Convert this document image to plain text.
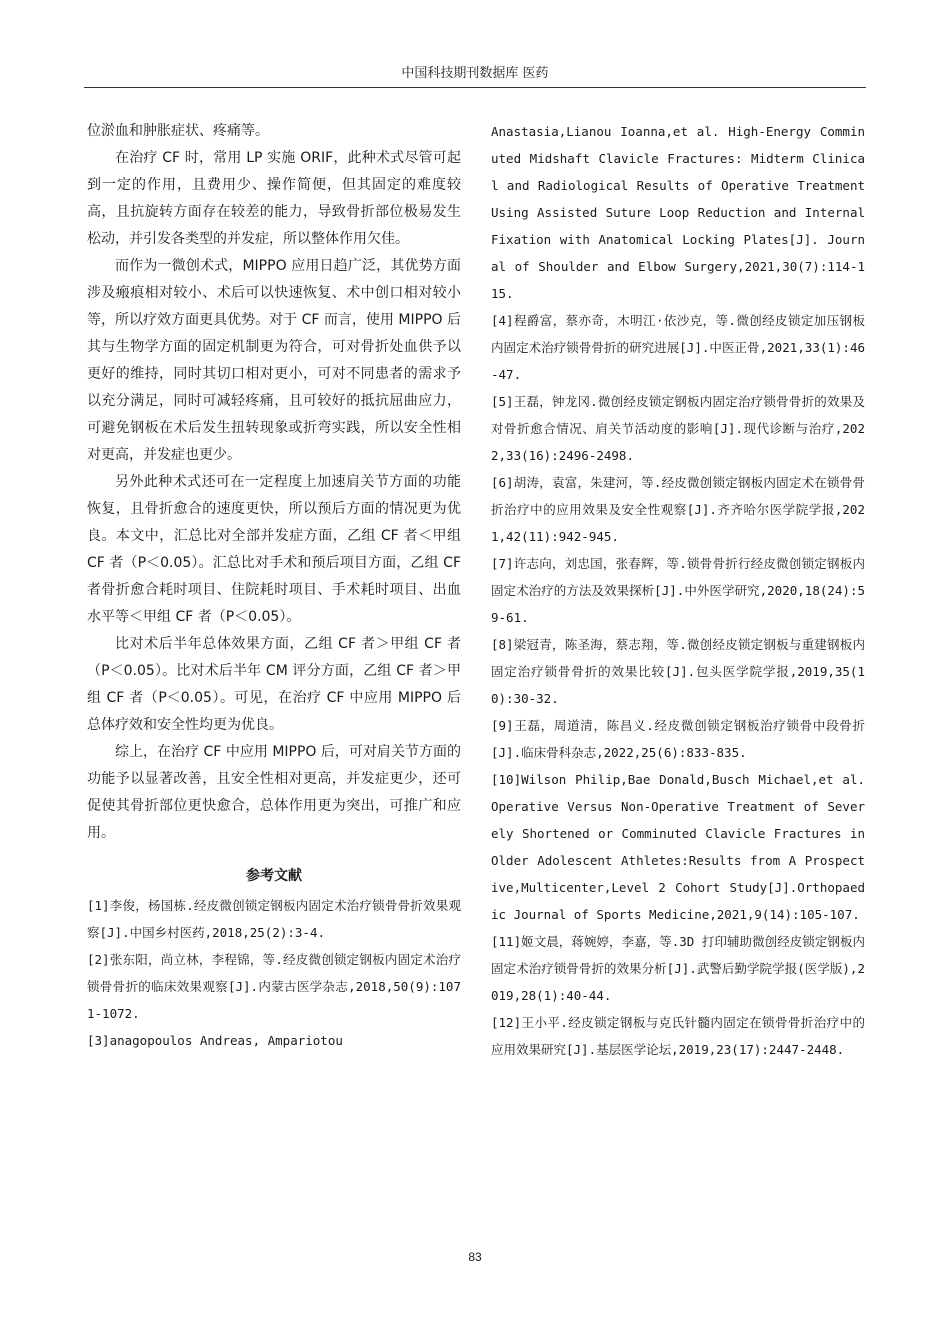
中国科技期刊数据库 医药

位淤血和肿胀症状、疼痛等。

在治疗 CF 时，常用 LP 实施 ORIF，此种术式尽管可起到一定的作用，且费用少、操作简便，但其固定的难度较高，且抗旋转方面存在较差的能力，导致骨折部位极易发生松动，并引发各类型的并发症，所以整体作用欠佳。

而作为一微创术式，MIPPO 应用日趋广泛，其优势方面涉及瘢痕相对较小、术后可以快速恢复、术中创口相对较小等，所以疗效方面更具优势。对于 CF 而言，使用 MIPPO 后其与生物学方面的固定机制更为符合，可对骨折处血供予以更好的维持，同时其切口相对更小，可对不同患者的需求予以充分满足，同时可减轻疼痛，且可较好的抵抗屈曲应力，可避免钢板在术后发生扭转现象或折弯实践，所以安全性相对更高，并发症也更少。

另外此种术式还可在一定程度上加速肩关节方面的功能恢复，且骨折愈合的速度更快，所以预后方面的情况更为优良。本文中，汇总比对全部并发症方面，乙组 CF 者＜甲组 CF 者（P＜0.05）。汇总比对手术和预后项目方面，乙组 CF 者骨折愈合耗时项目、住院耗时项目、手术耗时项目、出血水平等＜甲组 CF 者（P＜0.05）。

比对术后半年总体效果方面，乙组 CF 者＞甲组 CF 者（P＜0.05）。比对术后半年 CM 评分方面，乙组 CF 者＞甲组 CF 者（P＜0.05）。可见，在治疗 CF 中应用 MIPPO 后总体疗效和安全性均更为优良。

综上，在治疗 CF 中应用 MIPPO 后，可对肩关节方面的功能予以显著改善，且安全性相对更高，并发症更少，还可促使其骨折部位更快愈合，总体作用更为突出，可推广和应用。

参考文献

[1]李俊，杨国栋.经皮微创锁定钢板内固定术治疗锁骨骨折效果观察[J].中国乡村医药,2018,25(2):3-4.

[2]张东阳，尚立林，李程锦，等.经皮微创锁定钢板内固定术治疗锁骨骨折的临床效果观察[J].内蒙古医学杂志,2018,50(9):1071-1072.

[3]anagopoulos Andreas, Ampariotou

Anastasia,Lianou Ioanna,et al. High-Energy Comminuted Midshaft Clavicle Fractures: Midterm Clinical and Radiological Results of Operative Treatment Using Assisted Suture Loop Reduction and Internal Fixation with Anatomical Locking Plates[J]. Journal of Shoulder and Elbow Surgery,2021,30(7):114-115.

[4]程爵富，蔡亦奇，木明江·依沙克，等.微创经皮锁定加压钢板内固定术治疗锁骨骨折的研究进展[J].中医正骨,2021,33(1):46-47.

[5]王磊，钟龙冈.微创经皮锁定钢板内固定治疗锁骨骨折的效果及对骨折愈合情况、肩关节活动度的影响[J].现代诊断与治疗,2022,33(16):2496-2498.

[6]胡涛，袁富，朱建河，等.经皮微创锁定钢板内固定术在锁骨骨折治疗中的应用效果及安全性观察[J].齐齐哈尔医学院学报,2021,42(11):942-945.

[7]许志向，刘忠国，张春辉，等.锁骨骨折行经皮微创锁定钢板内固定术治疗的方法及效果探析[J].中外医学研究,2020,18(24):59-61.

[8]梁冠青，陈圣海，蔡志翔，等.微创经皮锁定钢板与重建钢板内固定治疗锁骨骨折的效果比较[J].包头医学院学报,2019,35(10):30-32.

[9]王磊，周道清，陈昌义.经皮微创锁定钢板治疗锁骨中段骨折[J].临床骨科杂志,2022,25(6):833-835.

[10]Wilson Philip,Bae Donald,Busch Michael,et al.Operative Versus Non-Operative Treatment of Severely Shortened or Comminuted Clavicle Fractures in Older Adolescent Athletes:Results from A Prospective,Multicenter,Level 2 Cohort Study[J].Orthopaedic Journal of Sports Medicine,2021,9(14):105-107.

[11]姬文晨，蒋婉婷，李嘉，等.3D 打印辅助微创经皮锁定钢板内固定术治疗锁骨骨折的效果分析[J].武警后勤学院学报(医学版),2019,28(1):40-44.

[12]王小平.经皮锁定钢板与克氏针髓内固定在锁骨骨折治疗中的应用效果研究[J].基层医学论坛,2019,23(17):2447-2448.

83
